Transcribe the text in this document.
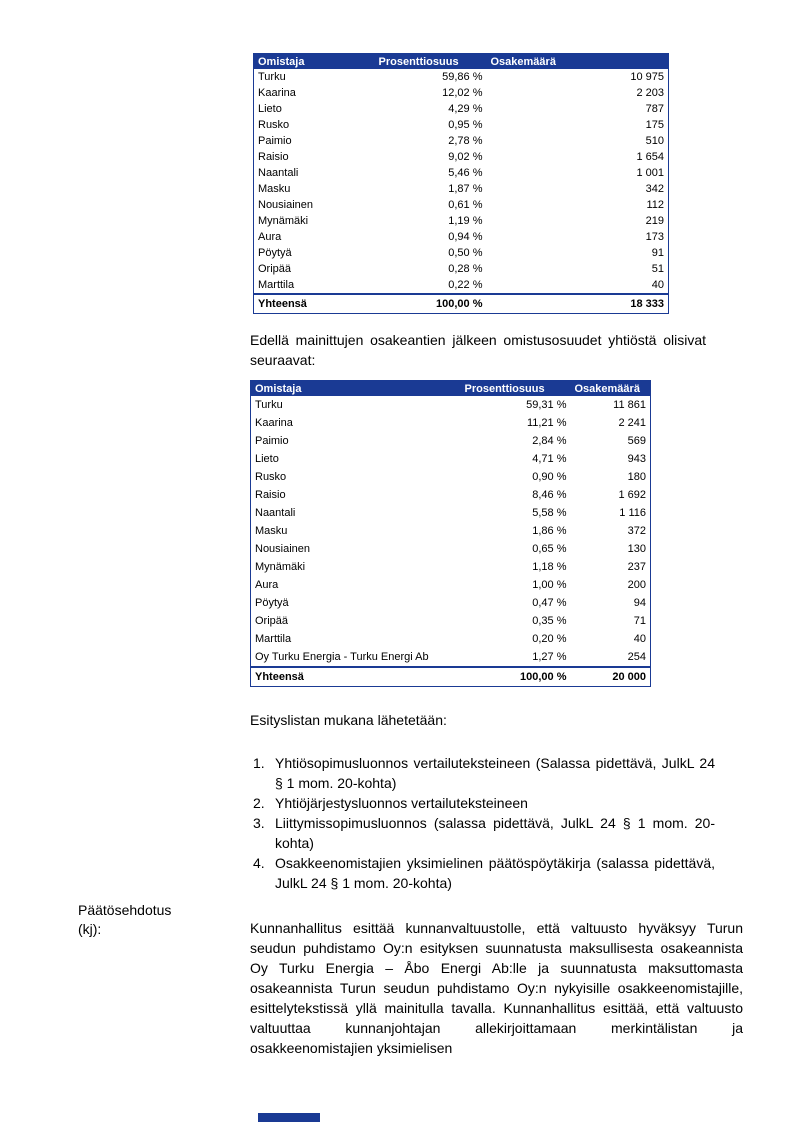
Omistaja	Prosenttiosuus	Osakemäärä
Turku	59,86 %	10 975
Kaarina	12,02 %	2 203
Lieto	4,29 %	787
Rusko	0,95 %	175
Paimio	2,78 %	510
Raisio	9,02 %	1 654
Naantali	5,46 %	1 001
Masku	1,87 %	342
Nousiainen	0,61 %	112
Mynämäki	1,19 %	219
Aura	0,94 %	173
Pöytyä	0,50 %	91
Oripää	0,28 %	51
Marttila	0,22 %	40
Yhteensä	100,00 %	18 333
Edellä mainittujen osakeantien jälkeen omistusosuudet yhtiöstä olisivat seuraavat:
Omistaja	Prosenttiosuus	Osakemäärä
Turku	59,31 %	11 861
Kaarina	11,21 %	2 241
Paimio	2,84 %	569
Lieto	4,71 %	943
Rusko	0,90 %	180
Raisio	8,46 %	1 692
Naantali	5,58 %	1 116
Masku	1,86 %	372
Nousiainen	0,65 %	130
Mynämäki	1,18 %	237
Aura	1,00 %	200
Pöytyä	0,47 %	94
Oripää	0,35 %	71
Marttila	0,20 %	40
Oy Turku Energia - Turku Energi Ab	1,27 %	254
Yhteensä	100,00 %	20 000
Esityslistan mukana lähetetään:
1. Yhtiösopimusluonnos vertailuteksteineen (Salassa pidettävä, JulkL 24 § 1 mom. 20-kohta)
2. Yhtiöjärjestysluonnos vertailuteksteineen
3. Liittymissopimusluonnos (salassa pidettävä, JulkL 24 § 1 mom. 20-kohta)
4. Osakkeenomistajien yksimielinen päätöspöytäkirja (salassa pidettävä, JulkL 24 § 1 mom. 20-kohta)
Päätösehdotus
(kj):	Kunnanhallitus esittää kunnanvaltuustolle, että valtuusto hyväksyy Turun seudun puhdistamo Oy:n esityksen suunnatusta maksullisesta osakeannista Oy Turku Energia – Åbo Energi Ab:lle ja suunnatusta maksuttomasta osakeannista Turun seudun puhdistamo Oy:n nykyisille osakkeenomistajille, esittelytekstissä yllä mainitulla tavalla. Kunnanhallitus esittää, että valtuusto valtuuttaa kunnanjohtajan allekirjoittamaan merkintälistan ja osakkeenomistajien yksimielisen
